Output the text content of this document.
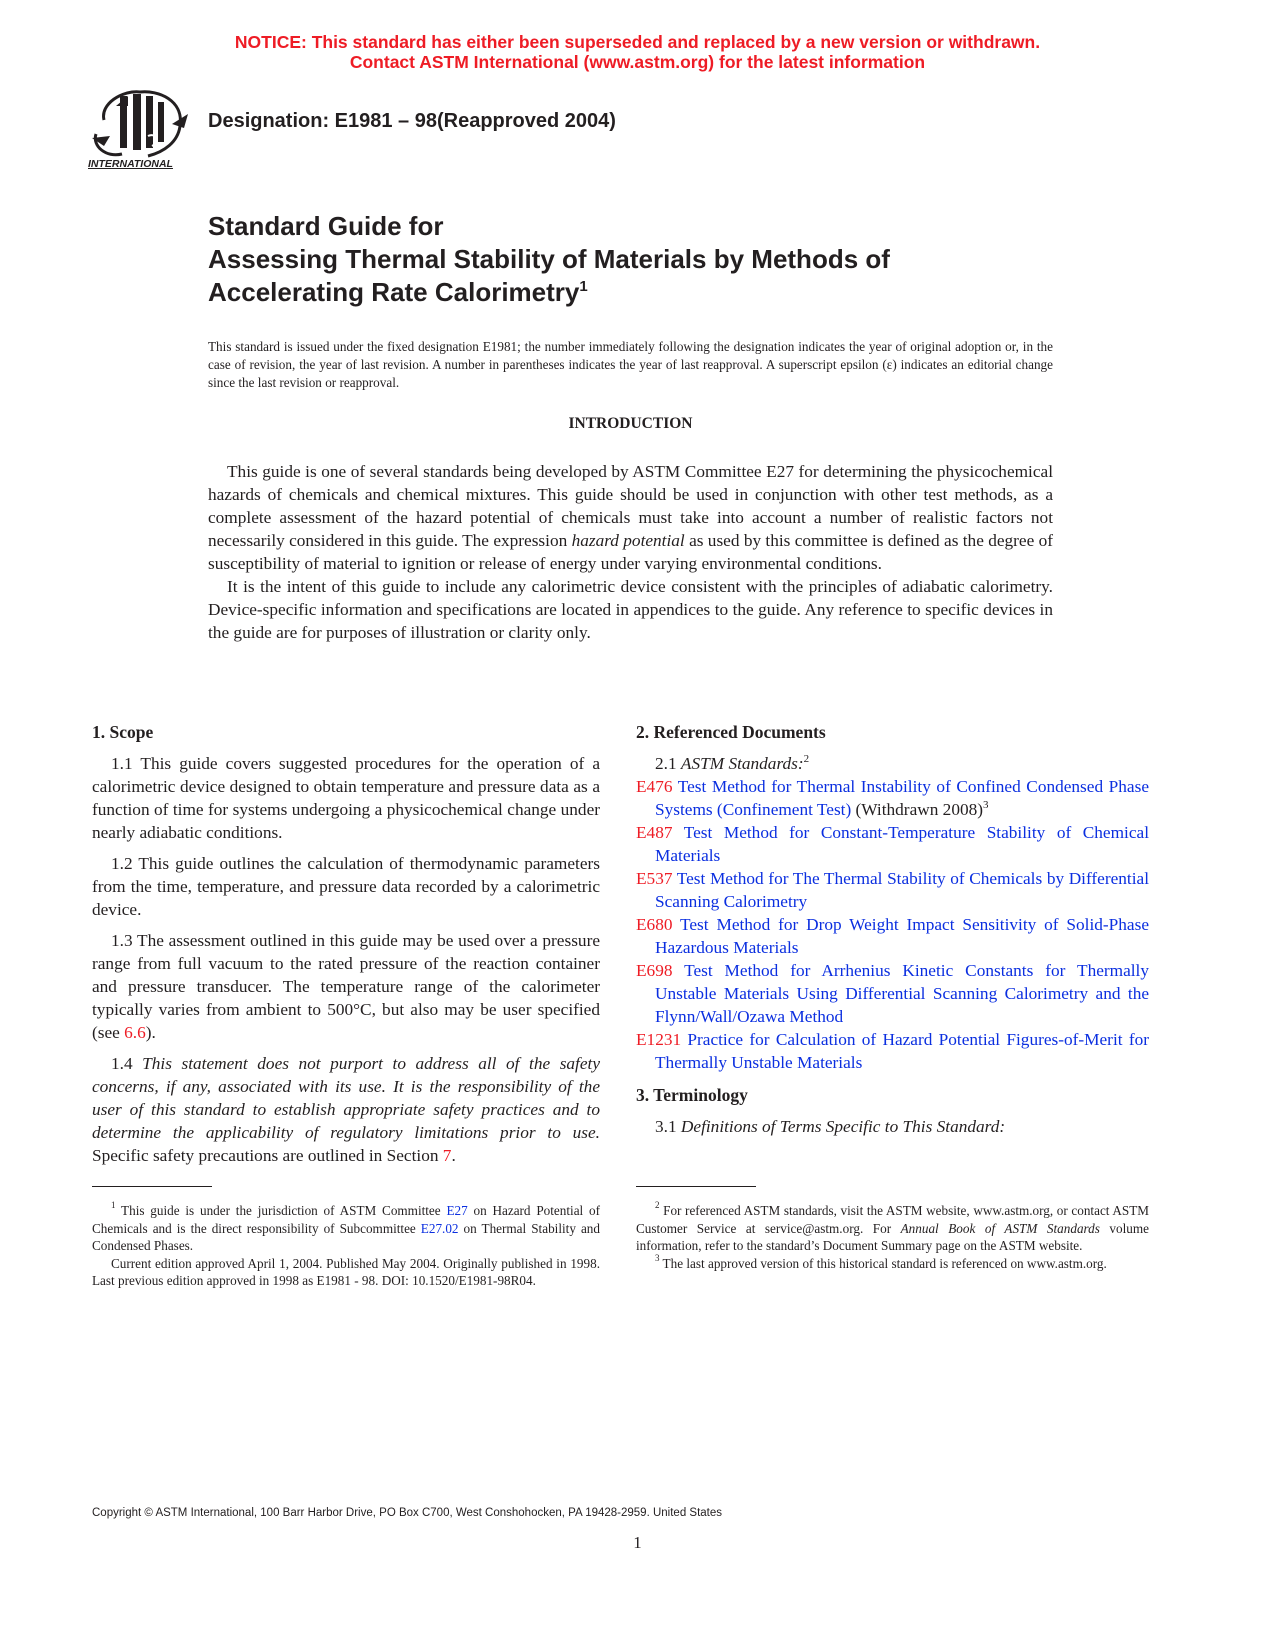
NOTICE: This standard has either been superseded and replaced by a new version or withdrawn.
Contact ASTM International (www.astm.org) for the latest information
INTERNATIONAL
Designation: E1981 – 98(Reapproved 2004)
Standard Guide for
Assessing Thermal Stability of Materials by Methods of
Accelerating Rate Calorimetry$^1$
This standard is issued under the fixed designation E1981; the number immediately following the designation indicates the year of original adoption or, in the case of revision, the year of last revision. A number in parentheses indicates the year of last reapproval. A superscript epsilon (ε) indicates an editorial change since the last revision or reapproval.
INTRODUCTION

This guide is one of several standards being developed by ASTM Committee E27 for determining the physicochemical hazards of chemicals and chemical mixtures. This guide should be used in conjunction with other test methods, as a complete assessment of the hazard potential of chemicals must take into account a number of realistic factors not necessarily considered in this guide. The expression hazard potential as used by this committee is defined as the degree of susceptibility of material to ignition or release of energy under varying environmental conditions.

It is the intent of this guide to include any calorimetric device consistent with the principles of adiabatic calorimetry. Device-specific information and specifications are located in appendices to the guide. Any reference to specific devices in the guide are for purposes of illustration or clarity only.

1. Scope

1.1 This guide covers suggested procedures for the operation of a calorimetric device designed to obtain temperature and pressure data as a function of time for systems undergoing a physicochemical change under nearly adiabatic conditions.

1.2 This guide outlines the calculation of thermodynamic parameters from the time, temperature, and pressure data recorded by a calorimetric device.

1.3 The assessment outlined in this guide may be used over a pressure range from full vacuum to the rated pressure of the reaction container and pressure transducer. The temperature range of the calorimeter typically varies from ambient to 500°C, but also may be user specified (see 6.6).

1.4 This statement does not purport to address all of the safety concerns, if any, associated with its use. It is the responsibility of the user of this standard to establish appropriate safety practices and to determine the applicability of regulatory limitations prior to use. Specific safety precautions are outlined in Section 7.

2. Referenced Documents

2.1 ASTM Standards:$^2$

E476 Test Method for Thermal Instability of Confined Condensed Phase Systems (Confinement Test) (Withdrawn 2008)$^3$

E487 Test Method for Constant-Temperature Stability of Chemical Materials

E537 Test Method for The Thermal Stability of Chemicals by Differential Scanning Calorimetry

E680 Test Method for Drop Weight Impact Sensitivity of Solid-Phase Hazardous Materials

E698 Test Method for Arrhenius Kinetic Constants for Thermally Unstable Materials Using Differential Scanning Calorimetry and the Flynn/Wall/Ozawa Method

E1231 Practice for Calculation of Hazard Potential Figures-of-Merit for Thermally Unstable Materials

3. Terminology

3.1 Definitions of Terms Specific to This Standard:

$^1$ This guide is under the jurisdiction of ASTM Committee E27 on Hazard Potential of Chemicals and is the direct responsibility of Subcommittee E27.02 on Thermal Stability and Condensed Phases.

Current edition approved April 1, 2004. Published May 2004. Originally published in 1998. Last previous edition approved in 1998 as E1981 - 98. DOI: 10.1520/E1981-98R04.

$^2$ For referenced ASTM standards, visit the ASTM website, www.astm.org, or contact ASTM Customer Service at service@astm.org. For Annual Book of ASTM Standards volume information, refer to the standard’s Document Summary page on the ASTM website.

$^3$ The last approved version of this historical standard is referenced on www.astm.org.

Copyright © ASTM International, 100 Barr Harbor Drive, PO Box C700, West Conshohocken, PA 19428-2959. United States
1
